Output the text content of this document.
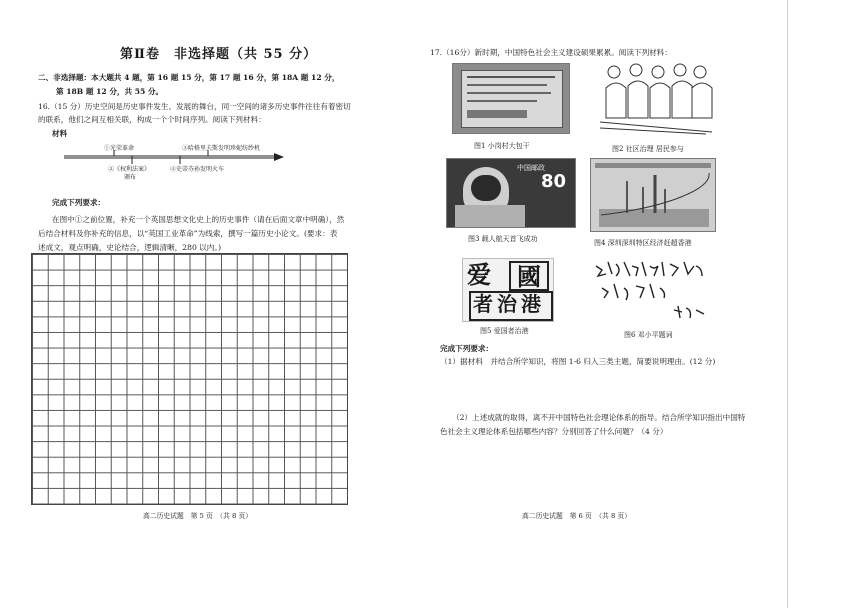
第Ⅱ卷　非选择题（共 55 分）
二、非选择题：本大题共 4 题，第 16 题 15 分，第 17 题 16 分，第 18A 题 12 分，
第 18B 题 12 分，共 55 分。
16.（15 分）历史空间是历史事件发生、发展的舞台，同一空间的诸多历史事件往往有着密切
的联系，他们之间互相关联，构成一个个时间序列。阅读下列材料：
材料
①光荣革命	③哈格里夫斯发明珍妮纺纱机
②《权利法案》
颁布
④史蒂芬孙发明火车
完成下列要求：
在图中①之前位置，补充一个英国思想文化史上的历史事件（请在后面文章中明确），然
后结合材料及你补充的信息，以“英国工业革命”为线索，撰写一篇历史小论文。(要求：表
述成文，观点明确，史论结合，逻辑清晰，280 以内。)
高二历史试题　第 5 页　（共 8 页）
17.（16分）新时期，中国特色社会主义建设硕果累累。阅读下列材料：
图1 小岗村大包干	图2 社区治理 居民参与
中国邮政
80
图3 载人航天首飞成功	图4 深圳深圳特区经济赶超香港
爱	國
者 治 港
图5 爱国者治港	图6 邓小平题词
完成下列要求：
（1）据材料　并结合所学知识，将图 1-6 归入三类主题，简要说明理由。(12 分)
（2）上述成就的取得，离不开中国特色社会理论体系的指导。结合所学知识指出中国特
色社会主义理论体系包括哪些内容？分别回答了什么问题？（4 分）
高二历史试题　第 6 页　（共 8 页）
